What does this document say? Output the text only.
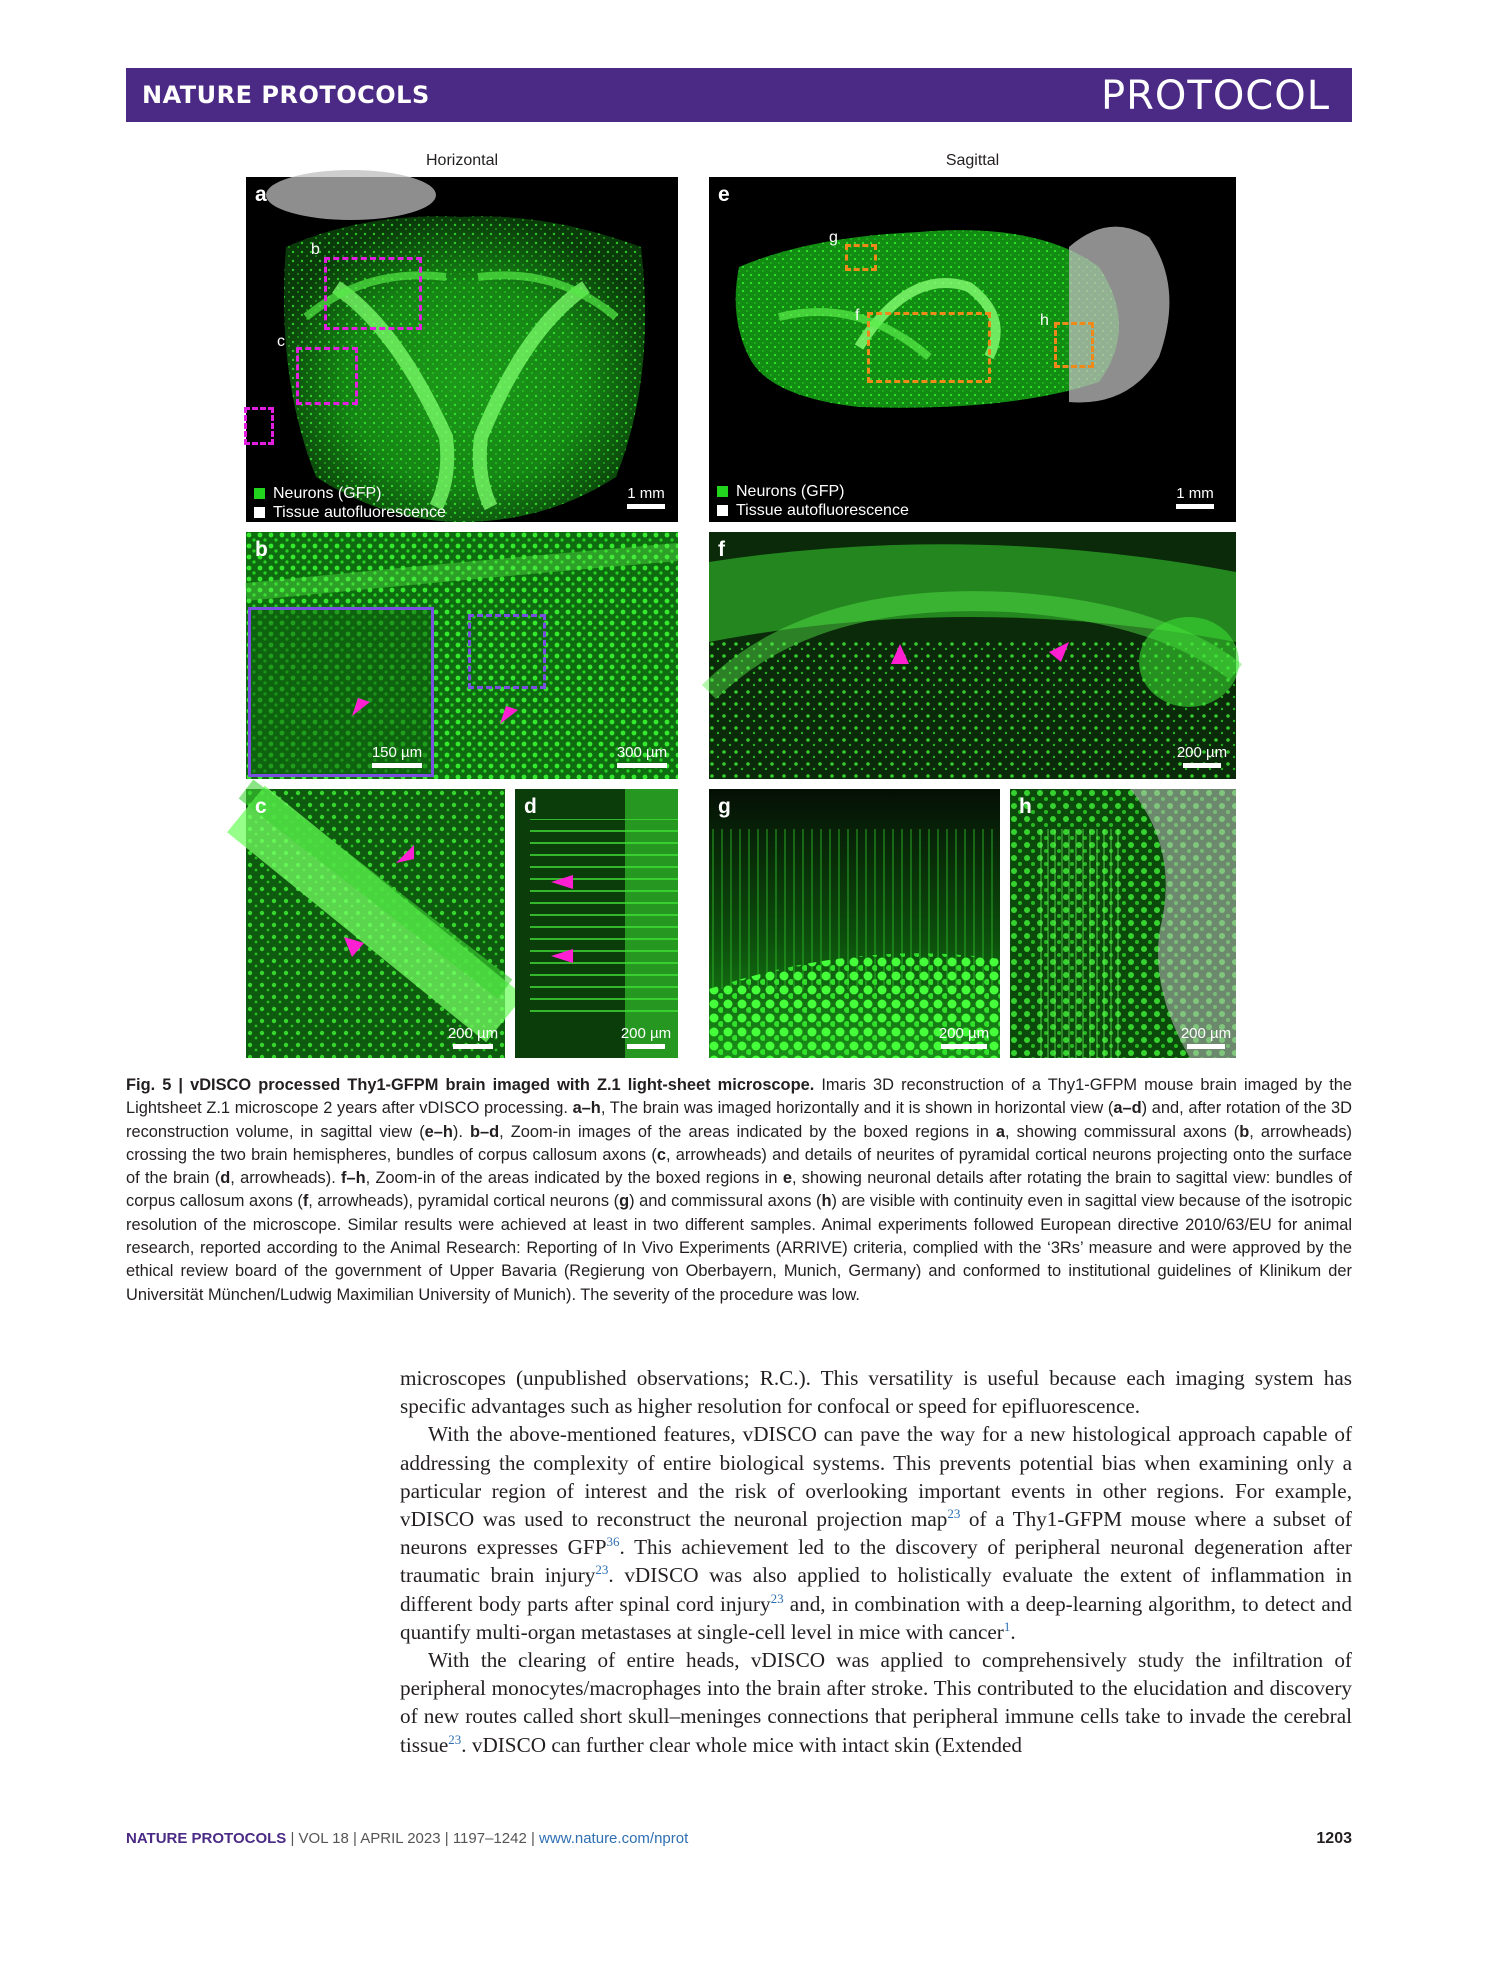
NATURE PROTOCOLS	PROTOCOL
Horizontal	Sagittal
a
b
c
d
Neurons (GFP)
Tissue autofluorescence
1 mm
e
g
f	h
Neurons (GFP)
Tissue autofluorescence
1 mm
b
150 µm	300 µm
f
200 µm
c
200 µm
d
200 µm
g
200 µm
h
200 µm
Fig. 5 | vDISCO processed Thy1-GFPM brain imaged with Z.1 light-sheet microscope. Imaris 3D reconstruction of a Thy1-GFPM mouse brain imaged by the Lightsheet Z.1 microscope 2 years after vDISCO processing. a–h, The brain was imaged horizontally and it is shown in horizontal view (a–d) and, after rotation of the 3D reconstruction volume, in sagittal view (e–h). b–d, Zoom-in images of the areas indicated by the boxed regions in a, showing commissural axons (b, arrowheads) crossing the two brain hemispheres, bundles of corpus callosum axons (c, arrowheads) and details of neurites of pyramidal cortical neurons projecting onto the surface of the brain (d, arrowheads). f–h, Zoom-in of the areas indicated by the boxed regions in e, showing neuronal details after rotating the brain to sagittal view: bundles of corpus callosum axons (f, arrowheads), pyramidal cortical neurons (g) and commissural axons (h) are visible with continuity even in sagittal view because of the isotropic resolution of the microscope. Similar results were achieved at least in two different samples. Animal experiments followed European directive 2010/63/EU for animal research, reported according to the Animal Research: Reporting of In Vivo Experiments (ARRIVE) criteria, complied with the ‘3Rs’ measure and were approved by the ethical review board of the government of Upper Bavaria (Regierung von Oberbayern, Munich, Germany) and conformed to institutional guidelines of Klinikum der Universität München/Ludwig Maximilian University of Munich). The severity of the procedure was low.

microscopes (unpublished observations; R.C.). This versatility is useful because each imaging system has specific advantages such as higher resolution for confocal or speed for epifluorescence.

With the above-mentioned features, vDISCO can pave the way for a new histological approach capable of addressing the complexity of entire biological systems. This prevents potential bias when examining only a particular region of interest and the risk of overlooking important events in other regions. For example, vDISCO was used to reconstruct the neuronal projection map$^{23}$ of a Thy1-GFPM mouse where a subset of neurons expresses GFP$^{36}$. This achievement led to the discovery of peripheral neuronal degeneration after traumatic brain injury$^{23}$. vDISCO was also applied to holistically evaluate the extent of inflammation in different body parts after spinal cord injury$^{23}$ and, in combination with a deep-learning algorithm, to detect and quantify multi-organ metastases at single-cell level in mice with cancer$^1$.

With the clearing of entire heads, vDISCO was applied to comprehensively study the infiltration of peripheral monocytes/macrophages into the brain after stroke. This contributed to the elucidation and discovery of new routes called short skull–meninges connections that peripheral immune cells take to invade the cerebral tissue$^{23}$. vDISCO can further clear whole mice with intact skin (Extended

NATURE PROTOCOLS | VOL 18 | APRIL 2023 | 1197–1242 | www.nature.com/nprot	1203
